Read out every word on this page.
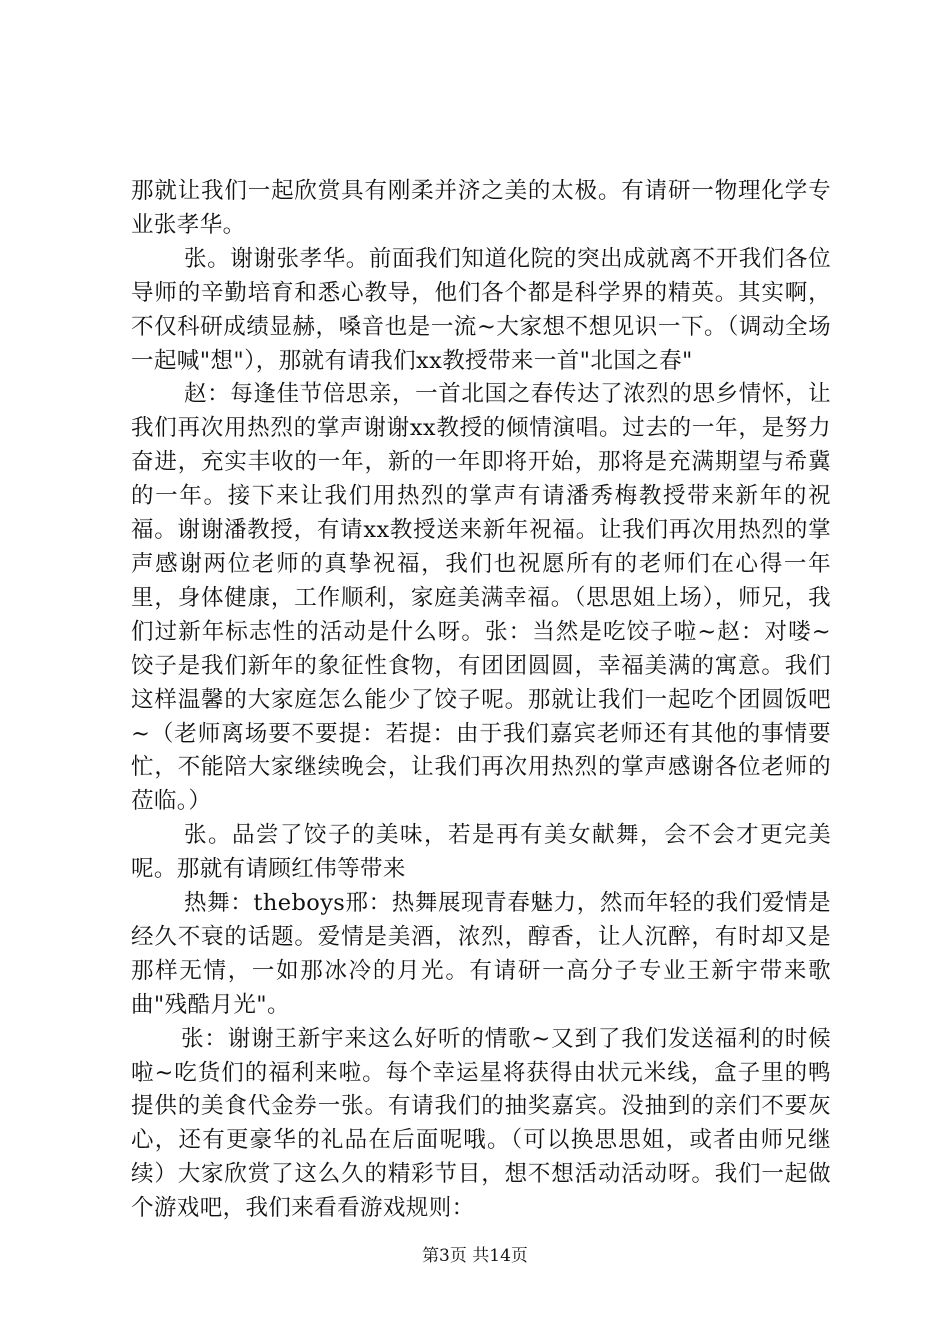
那就让我们一起欣赏具有刚柔并济之美的太极。有请研一物理化学专业张孝华。

张。谢谢张孝华。前面我们知道化院的突出成就离不开我们各位导师的辛勤培育和悉心教导，他们各个都是科学界的精英。其实啊，不仅科研成绩显赫，嗓音也是一流~大家想不想见识一下。（调动全场一起喊"想"），那就有请我们xx教授带来一首"北国之春"

赵：每逢佳节倍思亲，一首北国之春传达了浓烈的思乡情怀，让我们再次用热烈的掌声谢谢xx教授的倾情演唱。过去的一年，是努力奋进，充实丰收的一年，新的一年即将开始，那将是充满期望与希冀的一年。接下来让我们用热烈的掌声有请潘秀梅教授带来新年的祝福。谢谢潘教授，有请xx教授送来新年祝福。让我们再次用热烈的掌声感谢两位老师的真挚祝福，我们也祝愿所有的老师们在心得一年里，身体健康，工作顺利，家庭美满幸福。（思思姐上场），师兄，我们过新年标志性的活动是什么呀。张：当然是吃饺子啦~赵：对喽~饺子是我们新年的象征性食物，有团团圆圆，幸福美满的寓意。我们这样温馨的大家庭怎么能少了饺子呢。那就让我们一起吃个团圆饭吧~（老师离场要不要提：若提：由于我们嘉宾老师还有其他的事情要忙，不能陪大家继续晚会，让我们再次用热烈的掌声感谢各位老师的莅临。）

张。品尝了饺子的美味，若是再有美女献舞，会不会才更完美呢。那就有请顾红伟等带来

热舞：theboys邢：热舞展现青春魅力，然而年轻的我们爱情是经久不衰的话题。爱情是美酒，浓烈，醇香，让人沉醉，有时却又是那样无情，一如那冰冷的月光。有请研一高分子专业王新宇带来歌曲"残酷月光"。

张：谢谢王新宇来这么好听的情歌~又到了我们发送福利的时候啦~吃货们的福利来啦。每个幸运星将获得由状元米线，盒子里的鸭提供的美食代金券一张。有请我们的抽奖嘉宾。没抽到的亲们不要灰心，还有更豪华的礼品在后面呢哦。（可以换思思姐，或者由师兄继续）大家欣赏了这么久的精彩节目，想不想活动活动呀。我们一起做个游戏吧，我们来看看游戏规则：

第3页 共14页
